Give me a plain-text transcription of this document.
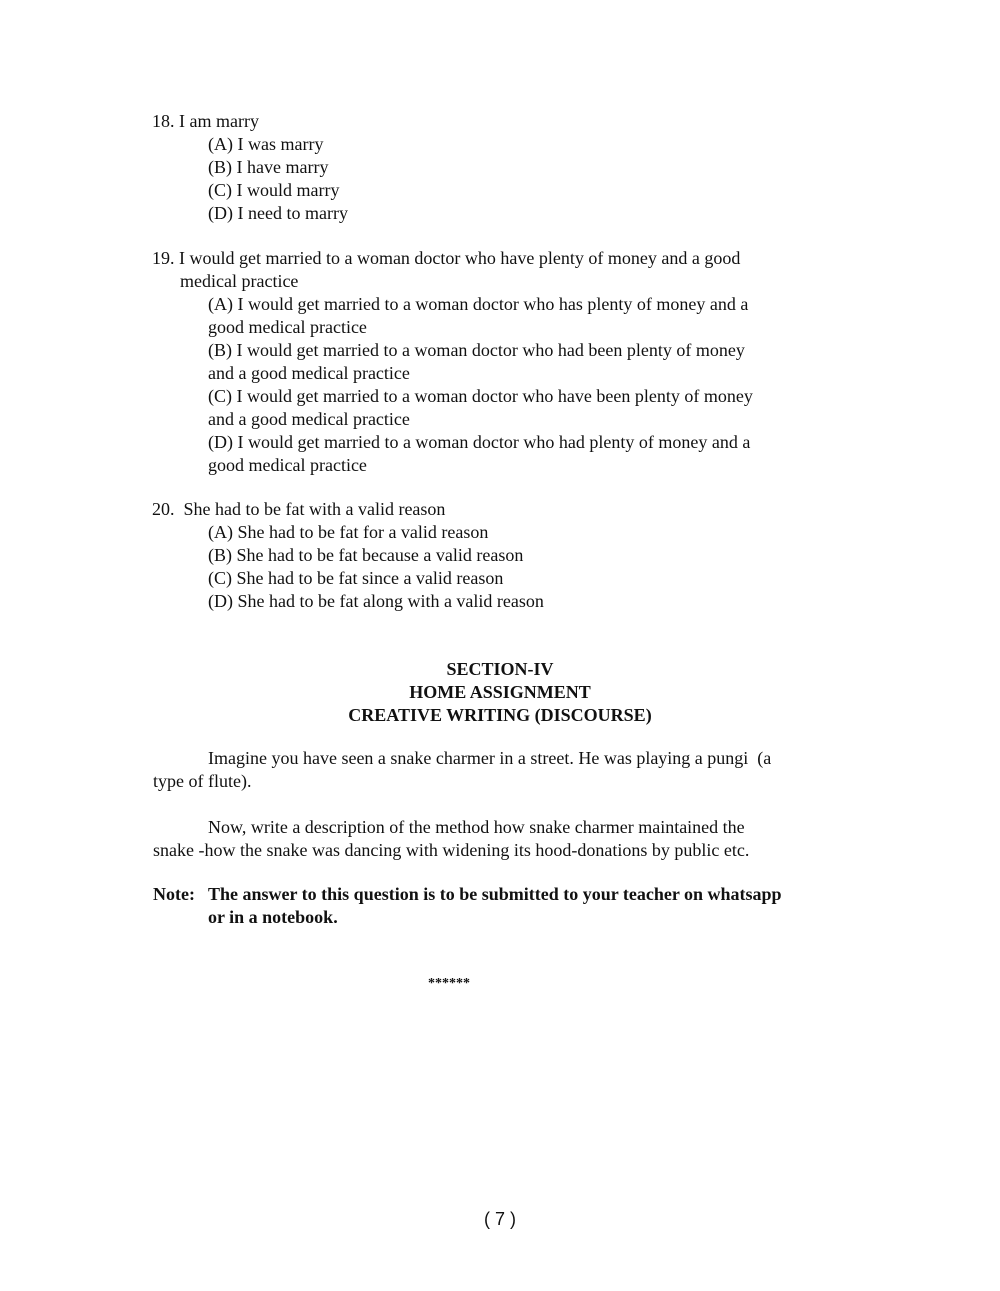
18. I am marry

(A) I was marry
(B) I have marry
(C) I would marry
(D) I need to marry

19. I would get married to a woman doctor who have plenty of money and a good
medical practice

(A) I would get married to a woman doctor who has plenty of money and a
good medical practice
(B) I would get married to a woman doctor who had been plenty of money
and a good medical practice
(C) I would get married to a woman doctor who have been plenty of money
and a good medical practice
(D) I would get married to a woman doctor who had plenty of money and a
good medical practice

20.  She had to be fat with a valid reason

(A) She had to be fat for a valid reason
(B) She had to be fat because a valid reason
(C) She had to be fat since a valid reason
(D) She had to be fat along with a valid reason
SECTION-IV
HOME ASSIGNMENT
CREATIVE WRITING (DISCOURSE)

Imagine you have seen a snake charmer in a street. He was playing a pungi  (a
type of flute).

Now, write a description of the method how snake charmer maintained the
snake -how the snake was dancing with widening its hood-donations by public etc.

Note: The answer to this question is to be submitted to your teacher on whatsapp
or in a notebook.
******
( 7 )
